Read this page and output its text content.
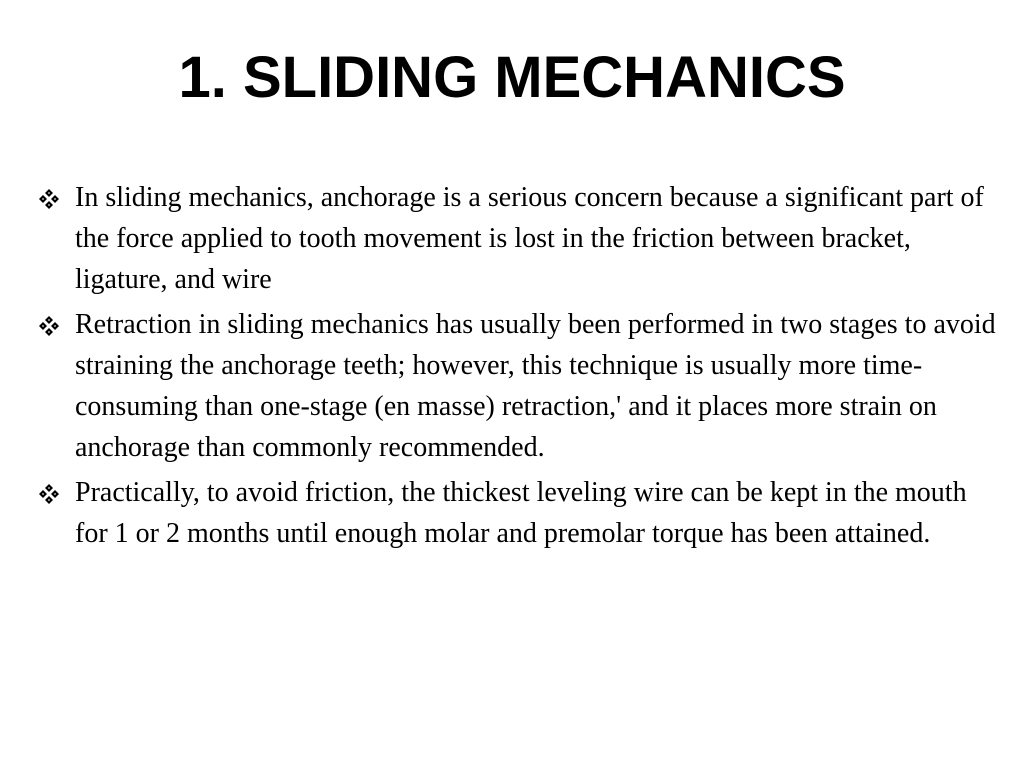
1. SLIDING MECHANICS
In sliding mechanics, anchorage is a serious concern because a significant part of the force applied to tooth movement is lost in the friction between bracket, ligature, and wire
Retraction in sliding mechanics has usually been performed in two stages to avoid straining the anchorage teeth; however, this technique is usually more time-consuming than one-stage (en masse) retraction,' and it places more strain on anchorage than commonly recommended.
Practically, to avoid friction, the thickest leveling wire can be kept in the mouth for 1 or 2 months until enough molar and premolar torque has been attained.
